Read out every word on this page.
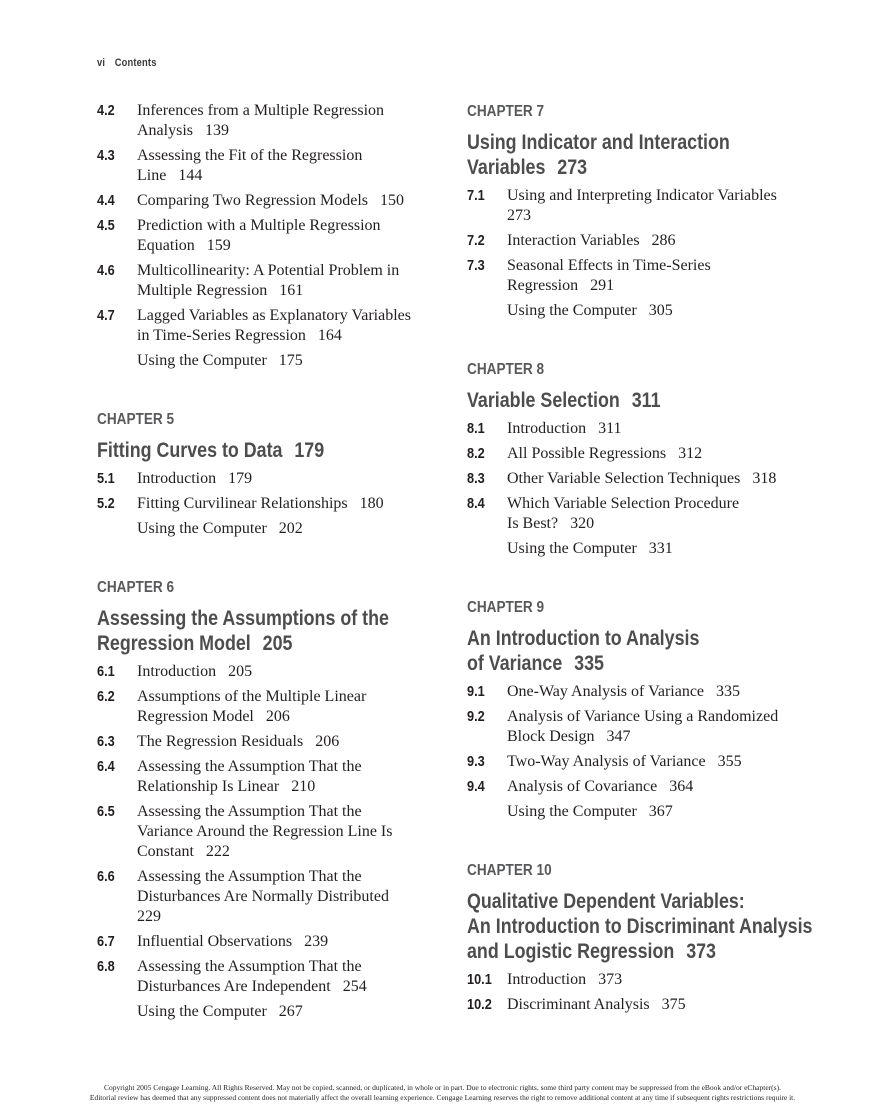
vi Contents
4.2	Inferences from a Multiple Regression
Analysis 139
4.3	Assessing the Fit of the Regression
Line 144
4.4	Comparing Two Regression Models 150
4.5	Prediction with a Multiple Regression
Equation 159
4.6	Multicollinearity: A Potential Problem in
Multiple Regression 161
4.7	Lagged Variables as Explanatory Variables
in Time-Series Regression 164
Using the Computer 175
CHAPTER 5
Fitting Curves to Data 179
5.1	Introduction 179
5.2	Fitting Curvilinear Relationships 180
Using the Computer 202
CHAPTER 6
Assessing the Assumptions of the
Regression Model 205
6.1	Introduction 205
6.2	Assumptions of the Multiple Linear
Regression Model 206
6.3	The Regression Residuals 206
6.4	Assessing the Assumption That the
Relationship Is Linear 210
6.5	Assessing the Assumption That the
Variance Around the Regression Line Is
Constant 222
6.6	Assessing the Assumption That the
Disturbances Are Normally Distributed
229
6.7	Influential Observations 239
6.8	Assessing the Assumption That the
Disturbances Are Independent 254
Using the Computer 267
CHAPTER 7
Using Indicator and Interaction
Variables 273
7.1	Using and Interpreting Indicator Variables
273
7.2	Interaction Variables 286
7.3	Seasonal Effects in Time-Series
Regression 291
Using the Computer 305
CHAPTER 8
Variable Selection 311
8.1	Introduction 311
8.2	All Possible Regressions 312
8.3	Other Variable Selection Techniques 318
8.4	Which Variable Selection Procedure
Is Best? 320
Using the Computer 331
CHAPTER 9
An Introduction to Analysis
of Variance 335
9.1	One-Way Analysis of Variance 335
9.2	Analysis of Variance Using a Randomized
Block Design 347
9.3	Two-Way Analysis of Variance 355
9.4	Analysis of Covariance 364
Using the Computer 367
CHAPTER 10
Qualitative Dependent Variables:
An Introduction to Discriminant Analysis
and Logistic Regression 373
10.1 Introduction 373
10.2 Discriminant Analysis 375
Copyright 2005 Cengage Learning. All Rights Reserved. May not be copied, scanned, or duplicated, in whole or in part. Due to electronic rights, some third party content may be suppressed from the eBook and/or eChapter(s).
Editorial review has deemed that any suppressed content does not materially affect the overall learning experience. Cengage Learning reserves the right to remove additional content at any time if subsequent rights restrictions require it.
